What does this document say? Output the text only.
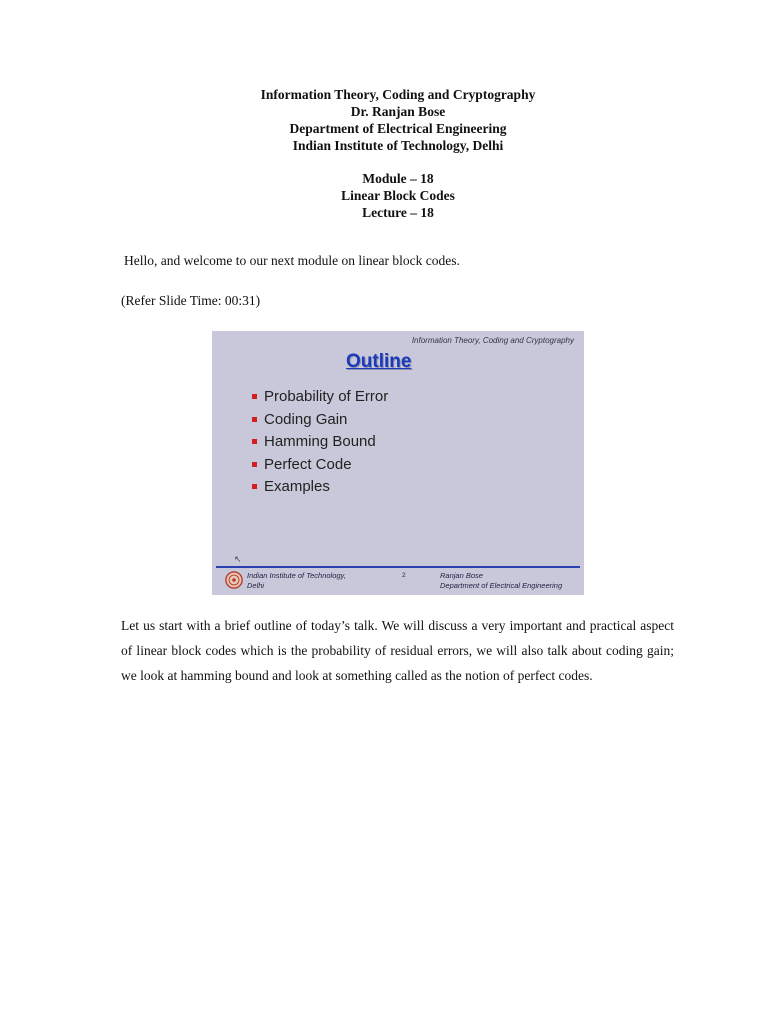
Information Theory, Coding and Cryptography
Dr. Ranjan Bose
Department of Electrical Engineering
Indian Institute of Technology, Delhi
Module – 18
Linear Block Codes
Lecture – 18
Hello, and welcome to our next module on linear block codes.
(Refer Slide Time: 00:31)
Information Theory, Coding and Cryptography
Outline
Probability of Error
Coding Gain
Hamming Bound
Perfect Code
Examples
↖
Indian Institute of Technology,
Delhi
2	Ranjan Bose
Department of Electrical Engineering
Let us start with a brief outline of today’s talk. We will discuss a very important and practical aspect of linear block codes which is the probability of residual errors, we will also talk about coding gain; we look at hamming bound and look at something called as the notion of perfect codes.
